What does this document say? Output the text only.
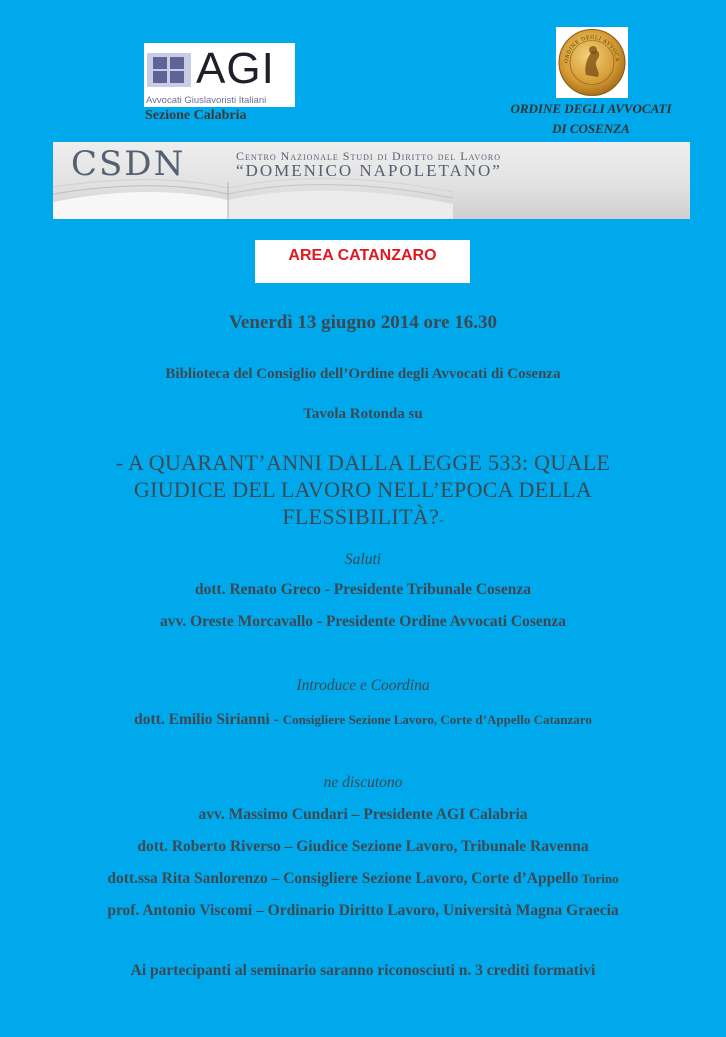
AGI
Avvocati Giuslavoristi Italiani
Sezione Calabria
ORDINE DEGLI AVVOCA
ORDINE DEGLI AVVOCATI
DI COSENZA
CSDN	Centro Nazionale Studi di Diritto del Lavoro
“DOMENICO NAPOLETANO”
AREA CATANZARO
Venerdì 13 giugno 2014 ore 16.30
Biblioteca del Consiglio dell’Ordine degli Avvocati di Cosenza
Tavola Rotonda su
- A QUARANT’ANNI DALLA LEGGE 533: QUALE
GIUDICE DEL LAVORO NELL’EPOCA DELLA
FLESSIBILITÀ?-
Saluti
dott. Renato Greco - Presidente Tribunale Cosenza
avv. Oreste Morcavallo - Presidente Ordine Avvocati Cosenza
Introduce e Coordina
dott. Emilio Sirianni - Consigliere Sezione Lavoro, Corte d’Appello Catanzaro
ne discutono
avv. Massimo Cundari – Presidente AGI Calabria
dott. Roberto Riverso – Giudice Sezione Lavoro, Tribunale Ravenna
dott.ssa Rita Sanlorenzo – Consigliere Sezione Lavoro, Corte d’Appello Torino
prof. Antonio Viscomi – Ordinario Diritto Lavoro, Università Magna Graecia
Ai partecipanti al seminario saranno riconosciuti n. 3 crediti formativi
